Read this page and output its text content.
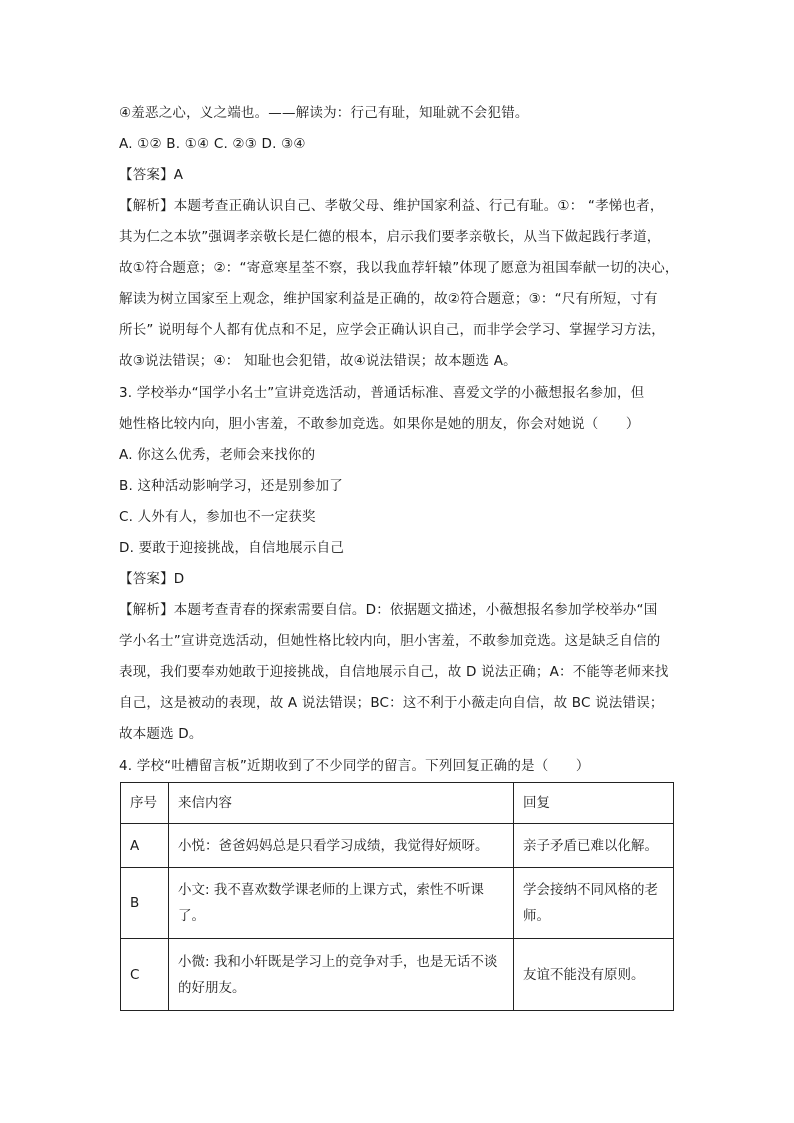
④羞恶之心，义之端也。——解读为：行己有耻，知耻就不会犯错。
A. ①② B. ①④ C. ②③ D. ③④
【答案】A
【解析】本题考查正确认识自己、孝敬父母、维护国家利益、行己有耻。①： “孝悌也者，
其为仁之本欤”强调孝亲敬长是仁德的根本，启示我们要孝亲敬长，从当下做起践行孝道，
故①符合题意；②：“寄意寒星荃不察，我以我血荐轩辕”体现了愿意为祖国奉献一切的决心，
解读为树立国家至上观念，维护国家利益是正确的，故②符合题意；③：“尺有所短，寸有
所长” 说明每个人都有优点和不足，应学会正确认识自己，而非学会学习、掌握学习方法，
故③说法错误；④： 知耻也会犯错，故④说法错误；故本题选 A。
3. 学校举办“国学小名士”宣讲竞选活动，普通话标准、喜爱文学的小薇想报名参加，但
她性格比较内向，胆小害羞，不敢参加竞选。如果你是她的朋友，你会对她说（　　）
A. 你这么优秀，老师会来找你的
B. 这种活动影响学习，还是别参加了
C. 人外有人，参加也不一定获奖
D. 要敢于迎接挑战，自信地展示自己
【答案】D
【解析】本题考查青春的探索需要自信。D：依据题文描述，小薇想报名参加学校举办“国
学小名士”宣讲竞选活动，但她性格比较内向，胆小害羞，不敢参加竞选。这是缺乏自信的
表现，我们要奉劝她敢于迎接挑战，自信地展示自己，故 D 说法正确；A：不能等老师来找
自己，这是被动的表现，故 A 说法错误；BC：这不利于小薇走向自信，故 BC 说法错误；
故本题选 D。
4. 学校“吐槽留言板”近期收到了不少同学的留言。下列回复正确的是（　　）
序号	来信内容	回复
A	小悦：爸爸妈妈总是只看学习成绩，我觉得好烦呀。	亲子矛盾已难以化解。
B	小文: 我不喜欢数学课老师的上课方式，索性不听课了。	学会接纳不同风格的老师。
C	小微: 我和小轩既是学习上的竞争对手，也是无话不谈的好朋友。	友谊不能没有原则。
